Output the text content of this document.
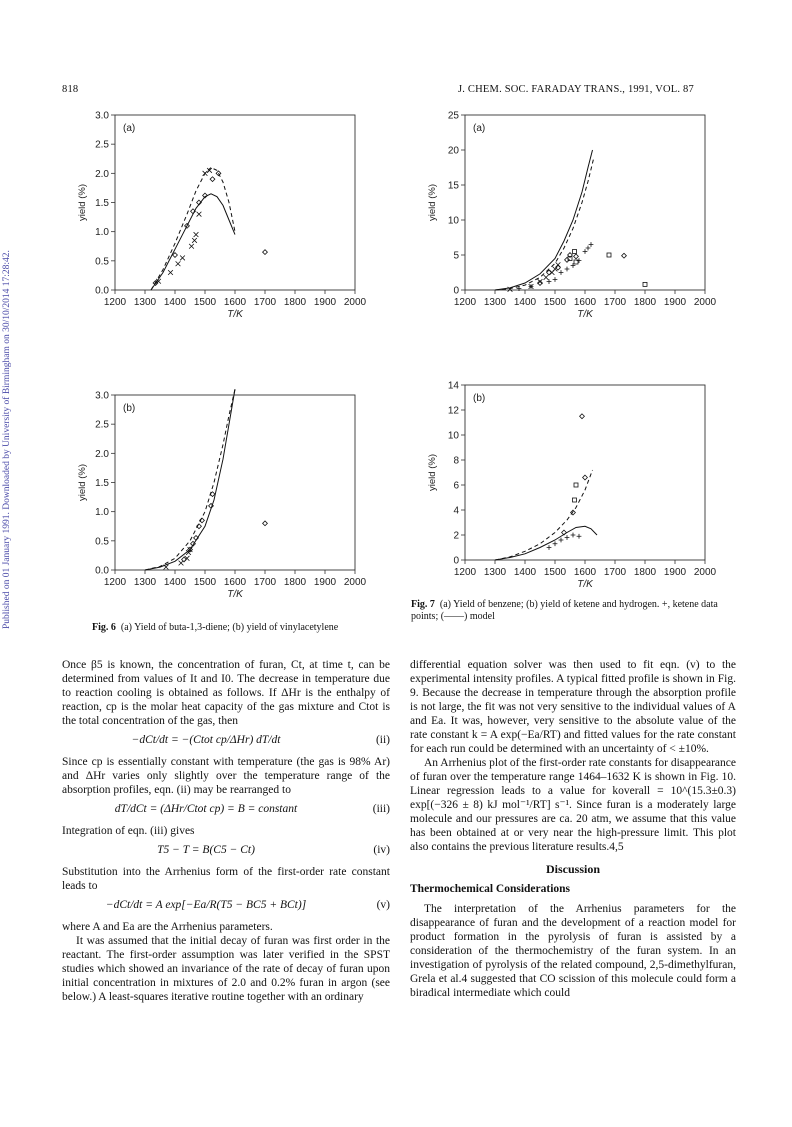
818	J. CHEM. SOC. FARADAY TRANS., 1991, VOL. 87
Published on 01 January 1991. Downloaded by University of Birmingham on 30/10/2014 17:28:42.	0.0
0.5
1.0
1.5
2.0
2.5
3.0
1200 1300 1400 1500 1600 1700 1800 1900 2000
(a)
T/K
yield (%)
0.0
0.5
1.0
1.5
2.0
2.5
3.0
1200 1300 1400 1500 1600 1700 1800 1900 2000
(b)
T/K
yield (%)
0
5
10
15
20
25
1200 1300 1400 1500 1600 1700 1800 1900 2000
(a)
T/K
yield (%)
0
2
4
6
8
10
12
14
1200 1300 1400 1500 1600 1700 1800 1900 2000
(b)
T/K
yield (%)
Fig. 6 (a) Yield of buta-1,3-diene; (b) yield of vinylacetylene
Fig. 7 (a) Yield of benzene; (b) yield of ketene and hydrogen. +, ketene data points; (——) model

Once β5 is known, the concentration of furan, Ct, at time t, can be determined from values of It and I0. The decrease in temperature due to reaction cooling is obtained as follows. If ΔHr is the enthalpy of reaction, cp is the molar heat capacity of the gas mixture and Ctot is the total concentration of the gas, then

−dCt/dt = −(Ctot cp/ΔHr) dT/dt	(ii)

Since cp is essentially constant with temperature (the gas is 98% Ar) and ΔHr varies only slightly over the temperature range of the absorption profiles, eqn. (ii) may be rearranged to

dT/dCt = (ΔHr/Ctot cp) = B = constant	(iii)

Integration of eqn. (iii) gives

T5 − T = B(C5 − Ct)	(iv)

Substitution into the Arrhenius form of the first-order rate constant leads to

−dCt/dt = A exp[−Ea/R(T5 − BC5 + BCt)]	(v)

where A and Ea are the Arrhenius parameters.

It was assumed that the initial decay of furan was first order in the reactant. The first-order assumption was later verified in the SPST studies which showed an invariance of the rate of decay of furan upon initial concentration in mixtures of 2.0 and 0.2% furan in argon (see below.) A least-squares iterative routine together with an ordinary

differential equation solver was then used to fit eqn. (v) to the experimental intensity profiles. A typical fitted profile is shown in Fig. 9. Because the decrease in temperature through the absorption profile is not large, the fit was not very sensitive to the individual values of A and Ea. It was, however, very sensitive to the absolute value of the rate constant k = A exp(−Ea/RT) and fitted values for the rate constant for each run could be determined with an uncertainty of < ±10%.

An Arrhenius plot of the first-order rate constants for disappearance of furan over the temperature range 1464–1632 K is shown in Fig. 10. Linear regression leads to a value for koverall = 10^(15.3±0.3) exp[(−326 ± 8) kJ mol⁻¹/RT] s⁻¹. Since furan is a moderately large molecule and our pressures are ca. 20 atm, we assume that this value has been obtained at or very near the high-pressure limit. This plot also contains the previous literature results.4,5

Discussion
Thermochemical Considerations

The interpretation of the Arrhenius parameters for the disappearance of furan and the development of a reaction model for product formation in the pyrolysis of furan is assisted by a consideration of the thermochemistry of the furan system. In an investigation of pyrolysis of the related compound, 2,5-dimethylfuran, Grela et al.4 suggested that CO scission of this molecule could form a biradical intermediate which could
